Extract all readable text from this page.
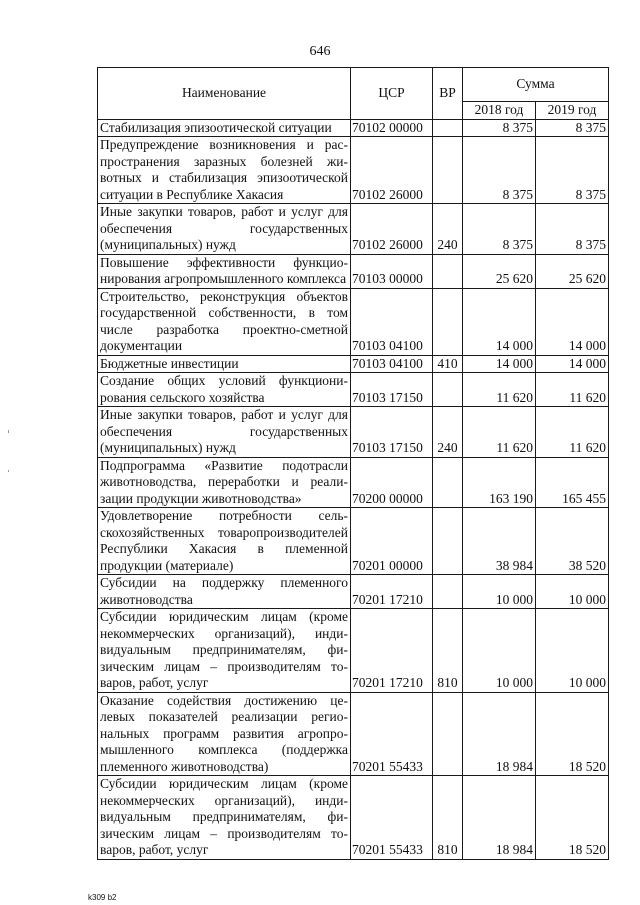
646
Наименование	ЦСР	ВР	Сумма	
			2018 год	2019 год
Стабилизация эпизоотической ситуации	70102 00000		8 375	8 375
Предупреждение возникновения и распространения заразных болезней животных и стабилизация эпизоотической ситуации в Республике Хакасия	70102 26000		8 375	8 375
Иные закупки товаров, работ и услуг для обеспечения государственных (муниципальных) нужд	70102 26000	240	8 375	8 375
Повышение эффективности функционирования агропромышленного комплекса	70103 00000		25 620	25 620
Строительство, реконструкция объектов государственной собственности, в том числе разработка проектно-сметной документации	70103 04100		14 000	14 000
Бюджетные инвестиции	70103 04100	410	14 000	14 000
Создание общих условий функционирования сельского хозяйства	70103 17150		11 620	11 620
Иные закупки товаров, работ и услуг для обеспечения государственных (муниципальных) нужд	70103 17150	240	11 620	11 620
Подпрограмма «Развитие подотрасли животноводства, переработки и реализации продукции животноводства»	70200 00000		163 190	165 455
Удовлетворение потребности сельскохозяйственных товаропроизводителей Республики Хакасия в племенной продукции (материале)	70201 00000		38 984	38 520
Субсидии на поддержку племенного животноводства	70201 17210		10 000	10 000
Субсидии юридическим лицам (кроме некоммерческих организаций), индивидуальным предпринимателям, физическим лицам – производителям товаров, работ, услуг	70201 17210	810	10 000	10 000
Оказание содействия достижению целевых показателей реализации региональных программ развития агропромышленного комплекса (поддержка племенного животноводства)	70201 55433		18 984	18 520
Субсидии юридическим лицам (кроме некоммерческих организаций), индивидуальным предпринимателям, физическим лицам – производителям товаров, работ, услуг	70201 55433	810	18 984	18 520
k309 b2
